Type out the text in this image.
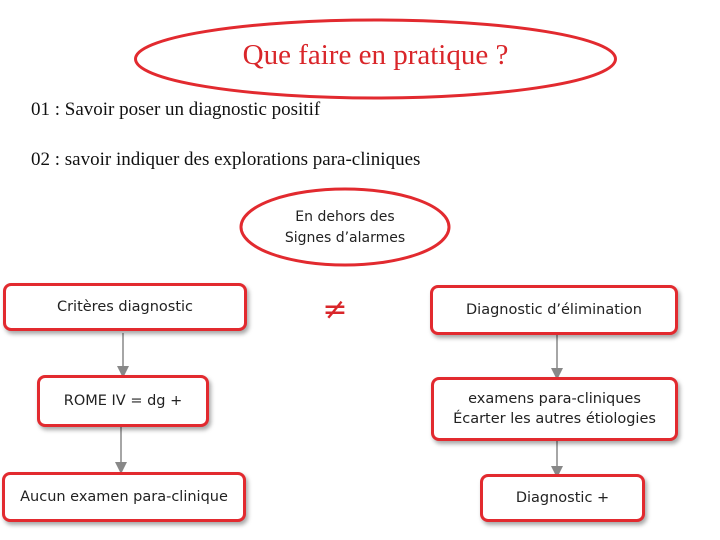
Que faire en pratique ?
01 : Savoir poser un diagnostic positif
02 : savoir indiquer des explorations para-cliniques
En dehors des
Signes d’alarmes
≠
Critères diagnostic
ROME IV = dg +
Aucun examen para-clinique
Diagnostic d’élimination
examens para-cliniques
Écarter les autres étiologies
Diagnostic +
